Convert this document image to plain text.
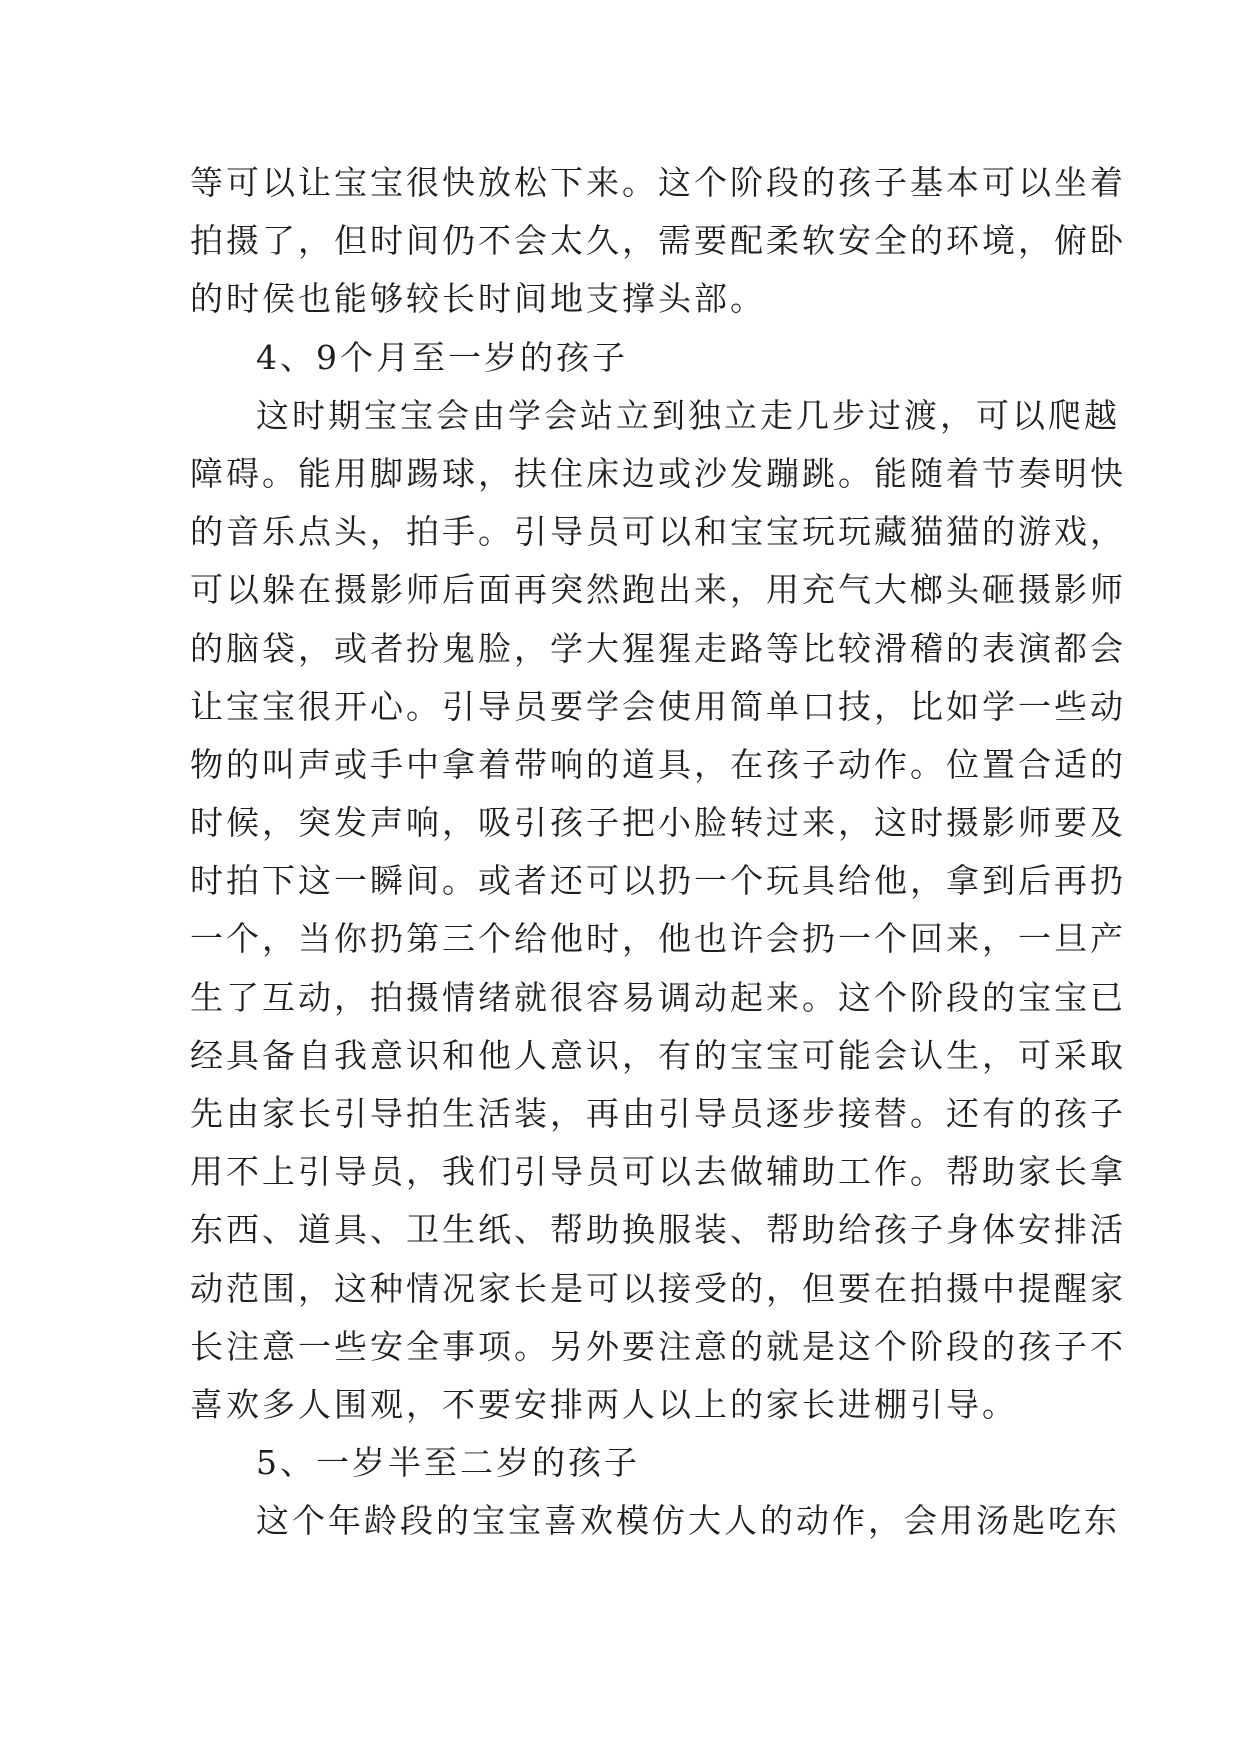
等可以让宝宝很快放松下来。这个阶段的孩子基本可以坐着
拍摄了，但时间仍不会太久，需要配柔软安全的环境，俯卧
的时侯也能够较长时间地支撑头部。
4、9个月至一岁的孩子
这时期宝宝会由学会站立到独立走几步过渡，可以爬越
障碍。能用脚踢球，扶住床边或沙发蹦跳。能随着节奏明快
的音乐点头，拍手。引导员可以和宝宝玩玩藏猫猫的游戏，
可以躲在摄影师后面再突然跑出来，用充气大榔头砸摄影师
的脑袋，或者扮鬼脸，学大猩猩走路等比较滑稽的表演都会
让宝宝很开心。引导员要学会使用简单口技，比如学一些动
物的叫声或手中拿着带响的道具，在孩子动作。位置合适的
时候，突发声响，吸引孩子把小脸转过来，这时摄影师要及
时拍下这一瞬间。或者还可以扔一个玩具给他，拿到后再扔
一个，当你扔第三个给他时，他也许会扔一个回来，一旦产
生了互动，拍摄情绪就很容易调动起来。这个阶段的宝宝已
经具备自我意识和他人意识，有的宝宝可能会认生，可采取
先由家长引导拍生活装，再由引导员逐步接替。还有的孩子
用不上引导员，我们引导员可以去做辅助工作。帮助家长拿
东西、道具、卫生纸、帮助换服装、帮助给孩子身体安排活
动范围，这种情况家长是可以接受的，但要在拍摄中提醒家
长注意一些安全事项。另外要注意的就是这个阶段的孩子不
喜欢多人围观，不要安排两人以上的家长进棚引导。
5、一岁半至二岁的孩子
这个年龄段的宝宝喜欢模仿大人的动作，会用汤匙吃东
